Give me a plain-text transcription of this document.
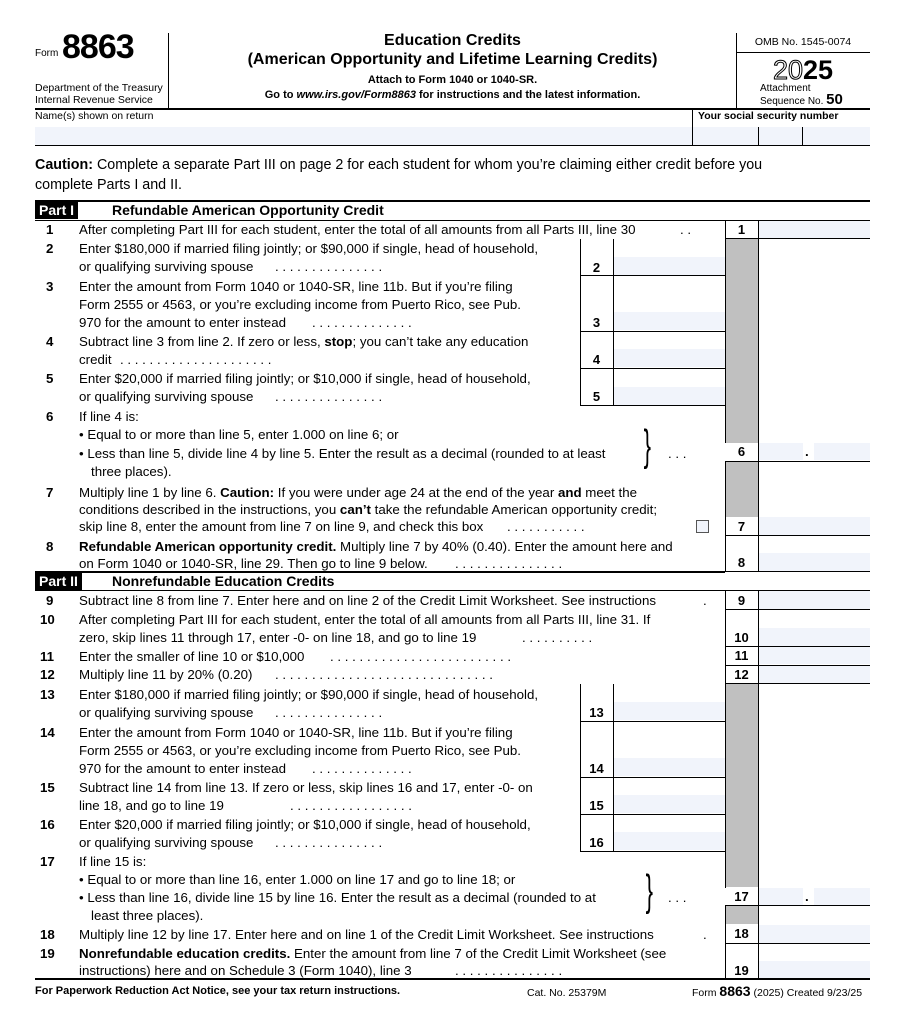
Form 8863
Department of the Treasury
Internal Revenue Service
Education Credits
(American Opportunity and Lifetime Learning Credits)
Attach to Form 1040 or 1040-SR.
Go to www.irs.gov/Form8863 for instructions and the latest information.
OMB No. 1545-0074
2025
Attachment
Sequence No. 50
Name(s) shown on return	Your social security number
Caution: Complete a separate Part III on page 2 for each student for whom you’re claiming either credit before you
complete Parts I and II.
Part I	Refundable American Opportunity Credit
1 After completing Part III for each student, enter the total of all amounts from all Parts III, line 30	. .	1
2 Enter $180,000 if married filing jointly; or $90,000 if single, head of household,
or qualifying surviving spouse . . . . . . . . . . . . . . .	2
3 Enter the amount from Form 1040 or 1040-SR, line 11b. But if you’re filing
Form 2555 or 4563, or you’re excluding income from Puerto Rico, see Pub.
970 for the amount to enter instead . . . . . . . . . . . . . .	3
4 Subtract line 3 from line 2. If zero or less, stop; you can’t take any education
credit . . . . . . . . . . . . . . . . . . . . .	4
5 Enter $20,000 if married filing jointly; or $10,000 if single, head of household,
or qualifying surviving spouse . . . . . . . . . . . . . . .	5
6 If line 4 is:
• Equal to or more than line 5, enter 1.000 on line 6; or
• Less than line 5, divide line 4 by line 5. Enter the result as a decimal (rounded to at least
three places).
} . . .	6	.
7 Multiply line 1 by line 6. Caution: If you were under age 24 at the end of the year and meet the
conditions described in the instructions, you can’t take the refundable American opportunity credit;
skip line 8, enter the amount from line 7 on line 9, and check this box . . . . . . . . . . .	7
8 Refundable American opportunity credit. Multiply line 7 by 40% (0.40). Enter the amount here and
on Form 1040 or 1040-SR, line 29. Then go to line 9 below. . . . . . . . . . . . . . . .	8
Part II Nonrefundable Education Credits
9 Subtract line 8 from line 7. Enter here and on line 2 of the Credit Limit Worksheet. See instructions	.	9
10 After completing Part III for each student, enter the total of all amounts from all Parts III, line 31. If
zero, skip lines 11 through 17, enter -0- on line 18, and go to line 19	. . . . . . . . . .	10
11 Enter the smaller of line 10 or $10,000 . . . . . . . . . . . . . . . . . . . . . . . . .	11
12 Multiply line 11 by 20% (0.20) . . . . . . . . . . . . . . . . . . . . . . . . . . . . . .	12
13 Enter $180,000 if married filing jointly; or $90,000 if single, head of household,
or qualifying surviving spouse . . . . . . . . . . . . . . .	13
14 Enter the amount from Form 1040 or 1040-SR, line 11b. But if you’re filing
Form 2555 or 4563, or you’re excluding income from Puerto Rico, see Pub.
970 for the amount to enter instead . . . . . . . . . . . . . .	14
15 Subtract line 14 from line 13. If zero or less, skip lines 16 and 17, enter -0- on
line 18, and go to line 19	. . . . . . . . . . . . . . . . .	15
16 Enter $20,000 if married filing jointly; or $10,000 if single, head of household,
or qualifying surviving spouse . . . . . . . . . . . . . . .	16
17 If line 15 is:
• Equal to or more than line 16, enter 1.000 on line 17 and go to line 18; or
• Less than line 16, divide line 15 by line 16. Enter the result as a decimal (rounded to at
least three places).
} . . .	17	.
18 Multiply line 12 by line 17. Enter here and on line 1 of the Credit Limit Worksheet. See instructions	.	18
19 Nonrefundable education credits. Enter the amount from line 7 of the Credit Limit Worksheet (see
instructions) here and on Schedule 3 (Form 1040), line 3	. . . . . . . . . . . . . . .	19
For Paperwork Reduction Act Notice, see your tax return instructions.	Cat. No. 25379M	Form 8863 (2025) Created 9/23/25
